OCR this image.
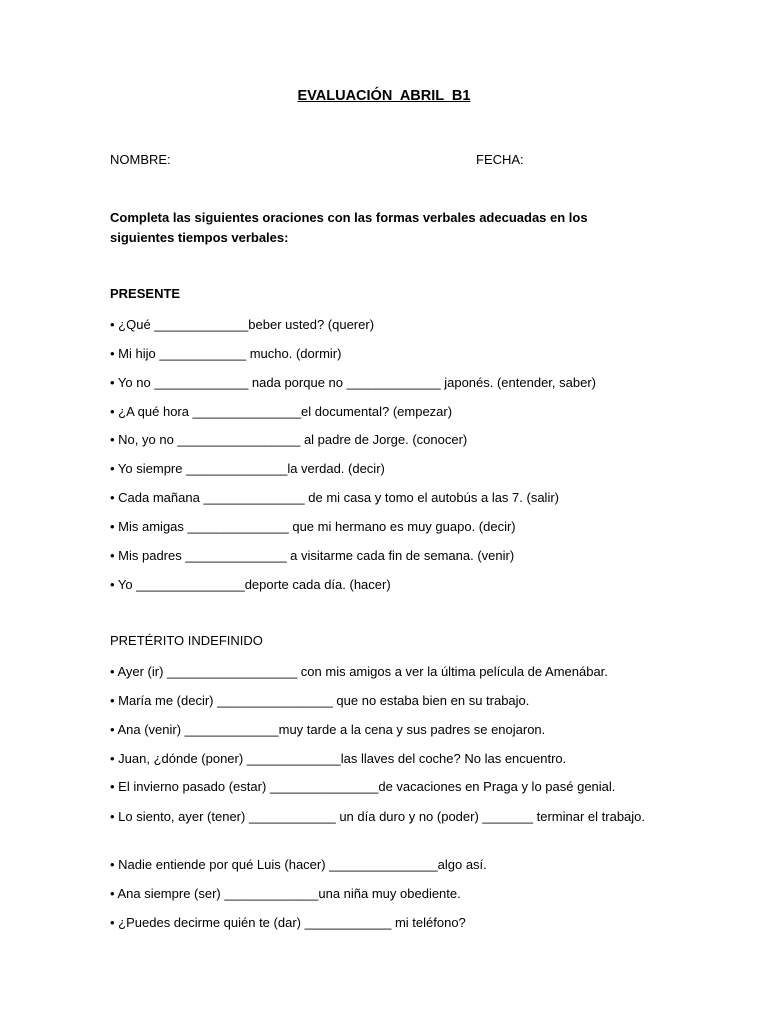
EVALUACIÓN  ABRIL  B1
NOMBRE:	FECHA:
Completa las siguientes oraciones con las formas verbales adecuadas en los siguientes tiempos verbales:
PRESENTE
• ¿Qué _____________beber usted? (querer)
• Mi hijo ____________ mucho. (dormir)
• Yo no _____________ nada porque no _____________ japonés. (entender, saber)
• ¿A qué hora _______________el documental? (empezar)
• No, yo no _________________ al padre de Jorge. (conocer)
• Yo siempre ______________la verdad. (decir)
• Cada mañana ______________ de mi casa y tomo el autobús a las 7. (salir)
• Mis amigas ______________ que mi hermano es muy guapo. (decir)
• Mis padres ______________ a visitarme cada fin de semana. (venir)
• Yo _______________deporte cada día. (hacer)
PRETÉRITO INDEFINIDO
• Ayer (ir) __________________ con mis amigos a ver la última película de Amenábar.
• María me (decir) ________________ que no estaba bien en su trabajo.
• Ana (venir) _____________muy tarde a la cena y sus padres se enojaron.
• Juan, ¿dónde (poner) _____________las llaves del coche? No las encuentro.
• El invierno pasado (estar) _______________de vacaciones en Praga y lo pasé genial.
• Lo siento, ayer (tener) ____________ un día duro y no (poder) _______ terminar el trabajo.
• Nadie entiende por qué Luis (hacer) _______________algo así.
• Ana siempre (ser) _____________una niña muy obediente.
• ¿Puedes decirme quién te (dar) ____________ mi teléfono?
